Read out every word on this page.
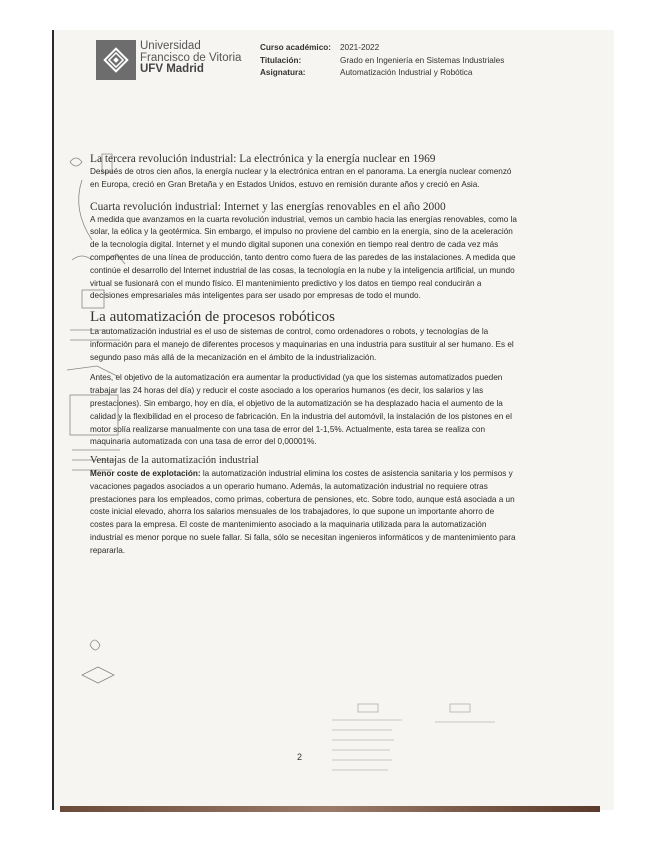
Universidad
Francisco de Vitoria
UFV Madrid
Curso académico: 2021-2022
Titulación:	Grado en Ingeniería en Sistemas Industriales
Asignatura:	Automatización Industrial y Robótica
La tercera revolución industrial: La electrónica y la energía nuclear en 1969

Después de otros cien años, la energía nuclear y la electrónica entran en el panorama. La energía nuclear comenzó en Europa, creció en Gran Bretaña y en Estados Unidos, estuvo en remisión durante años y creció en Asia.

Cuarta revolución industrial: Internet y las energías renovables en el año 2000

A medida que avanzamos en la cuarta revolución industrial, vemos un cambio hacia las energías renovables, como la solar, la eólica y la geotérmica. Sin embargo, el impulso no proviene del cambio en la energía, sino de la aceleración de la tecnología digital. Internet y el mundo digital suponen una conexión en tiempo real dentro de cada vez más componentes de una línea de producción, tanto dentro como fuera de las paredes de las instalaciones. A medida que continúe el desarrollo del Internet industrial de las cosas, la tecnología en la nube y la inteligencia artificial, un mundo virtual se fusionará con el mundo físico. El mantenimiento predictivo y los datos en tiempo real conducirán a decisiones empresariales más inteligentes para ser usado por empresas de todo el mundo.

La automatización de procesos robóticos

La automatización industrial es el uso de sistemas de control, como ordenadores o robots, y tecnologías de la información para el manejo de diferentes procesos y maquinarias en una industria para sustituir al ser humano. Es el segundo paso más allá de la mecanización en el ámbito de la industrialización.

Antes, el objetivo de la automatización era aumentar la productividad (ya que los sistemas automatizados pueden trabajar las 24 horas del día) y reducir el coste asociado a los operarios humanos (es decir, los salarios y las prestaciones). Sin embargo, hoy en día, el objetivo de la automatización se ha desplazado hacia el aumento de la calidad y la flexibilidad en el proceso de fabricación. En la industria del automóvil, la instalación de los pistones en el motor solía realizarse manualmente con una tasa de error del 1-1,5%. Actualmente, esta tarea se realiza con maquinaria automatizada con una tasa de error del 0,00001%.

Ventajas de la automatización industrial

Menor coste de explotación: la automatización industrial elimina los costes de asistencia sanitaria y los permisos y vacaciones pagados asociados a un operario humano. Además, la automatización industrial no requiere otras prestaciones para los empleados, como primas, cobertura de pensiones, etc. Sobre todo, aunque está asociada a un coste inicial elevado, ahorra los salarios mensuales de los trabajadores, lo que supone un importante ahorro de costes para la empresa. El coste de mantenimiento asociado a la maquinaria utilizada para la automatización industrial es menor porque no suele fallar. Si falla, sólo se necesitan ingenieros informáticos y de mantenimiento para repararla.

2
